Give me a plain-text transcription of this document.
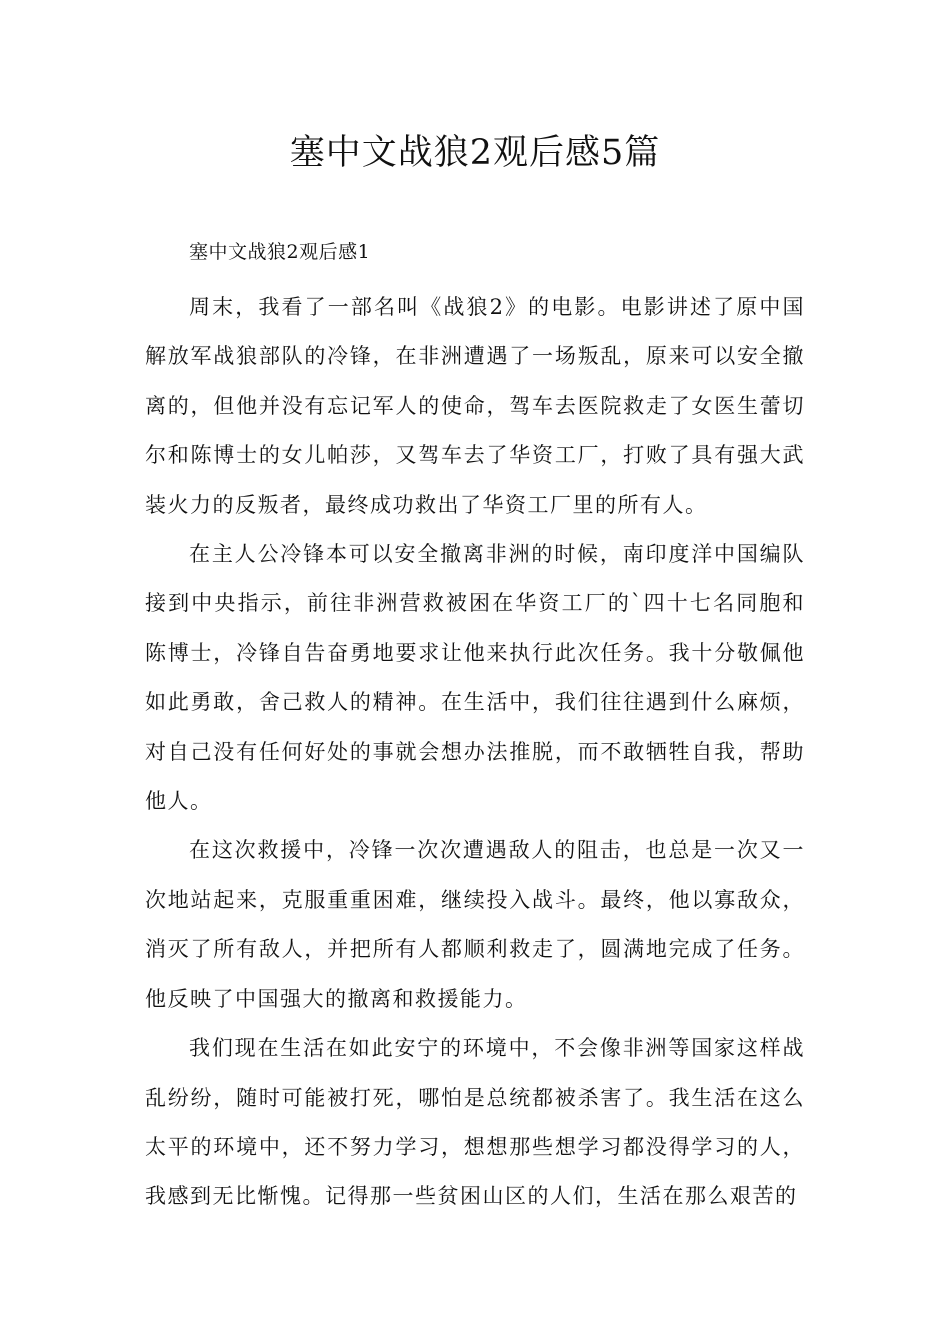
塞中文战狼2观后感5篇

塞中文战狼2观后感1

周末，我看了一部名叫《战狼2》的电影。电影讲述了原中国解放军战狼部队的冷锋，在非洲遭遇了一场叛乱，原来可以安全撤离的，但他并没有忘记军人的使命，驾车去医院救走了女医生蕾切尔和陈博士的女儿帕莎，又驾车去了华资工厂，打败了具有强大武装火力的反叛者，最终成功救出了华资工厂里的所有人。

在主人公冷锋本可以安全撤离非洲的时候，南印度洋中国编队接到中央指示，前往非洲营救被困在华资工厂的`四十七名同胞和陈博士，冷锋自告奋勇地要求让他来执行此次任务。我十分敬佩他如此勇敢，舍己救人的精神。在生活中，我们往往遇到什么麻烦，对自己没有任何好处的事就会想办法推脱，而不敢牺牲自我，帮助他人。

在这次救援中，冷锋一次次遭遇敌人的阻击，也总是一次又一次地站起来，克服重重困难，继续投入战斗。最终，他以寡敌众，消灭了所有敌人，并把所有人都顺利救走了，圆满地完成了任务。他反映了中国强大的撤离和救援能力。

我们现在生活在如此安宁的环境中，不会像非洲等国家这样战乱纷纷，随时可能被打死，哪怕是总统都被杀害了。我生活在这么太平的环境中，还不努力学习，想想那些想学习都没得学习的人，我感到无比惭愧。记得那一些贫困山区的人们，生活在那么艰苦的
